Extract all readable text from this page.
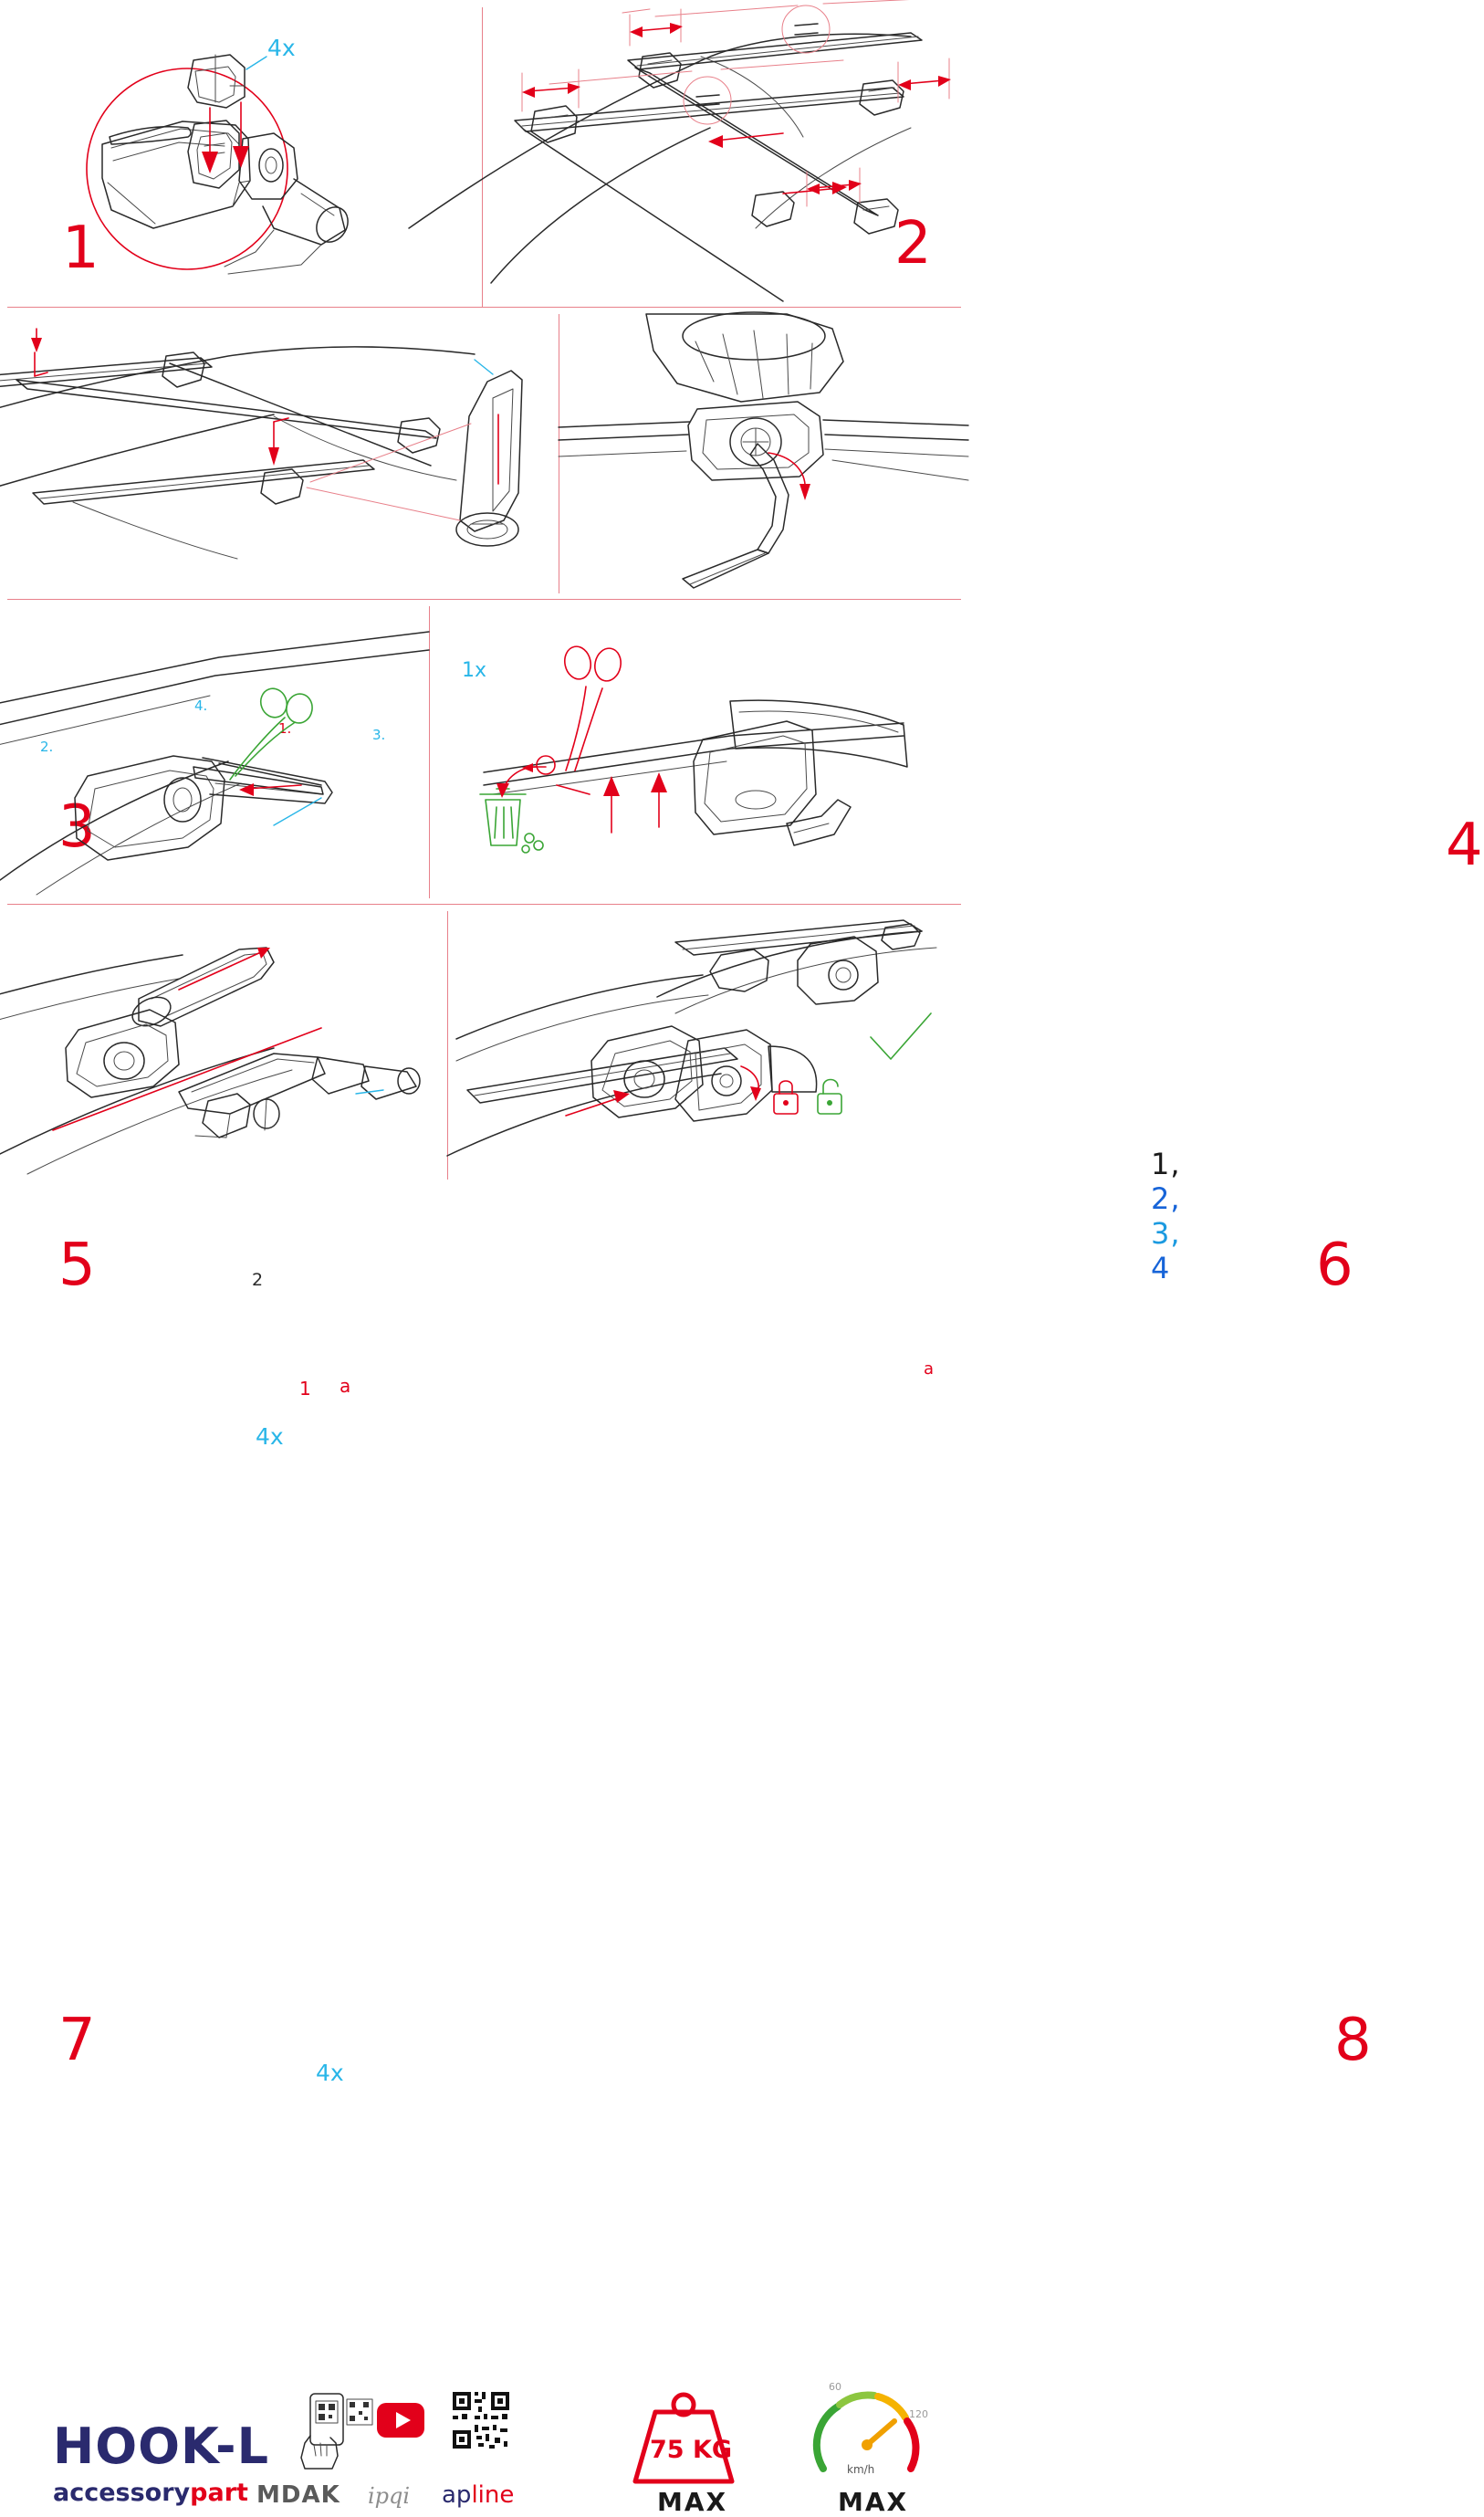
4x
1	2
1.
2.
3.
4.
1x
3
1, 2, 3, 4
4
5
1
2
a
4x
a
6
7	4x	8
HOOK-L
accessorypart MDAK ipqi apline
75 KG
MAX
60
120
km/h
MAX
